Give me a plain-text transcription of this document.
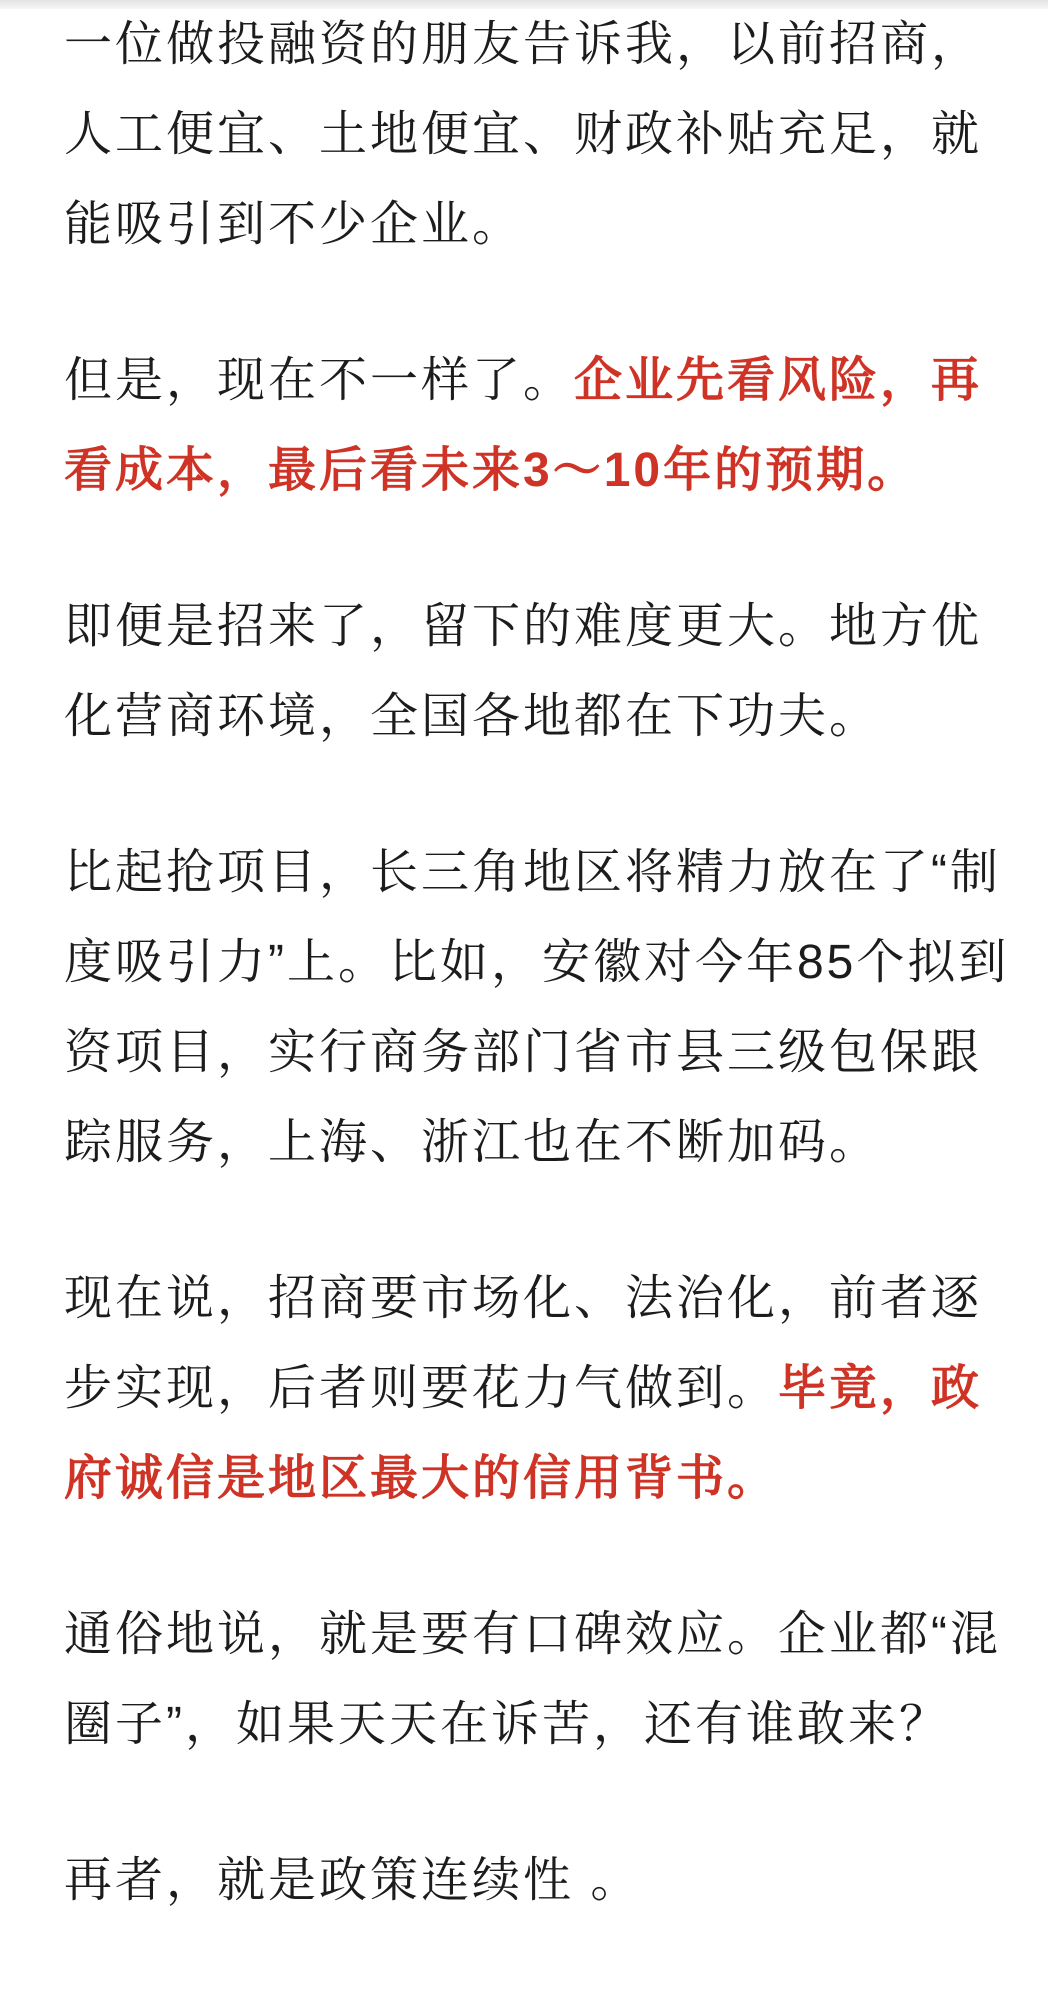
一位做投融资的朋友告诉我，以前招商，
人工便宜、土地便宜、财政补贴充足，就
能吸引到不少企业。
但是，现在不一样了。企业先看风险，再
看成本，最后看未来3～10年的预期。
即便是招来了，留下的难度更大。地方优
化营商环境，全国各地都在下功夫。
比起抢项目，长三角地区将精力放在了“制
度吸引力”上。比如，安徽对今年85个拟到
资项目，实行商务部门省市县三级包保跟
踪服务，上海、浙江也在不断加码。
现在说，招商要市场化、法治化，前者逐
步实现，后者则要花力气做到。毕竟，政
府诚信是地区最大的信用背书。
通俗地说，就是要有口碑效应。企业都“混
圈子”，如果天天在诉苦，还有谁敢来？
再者，就是政策连续性 。
